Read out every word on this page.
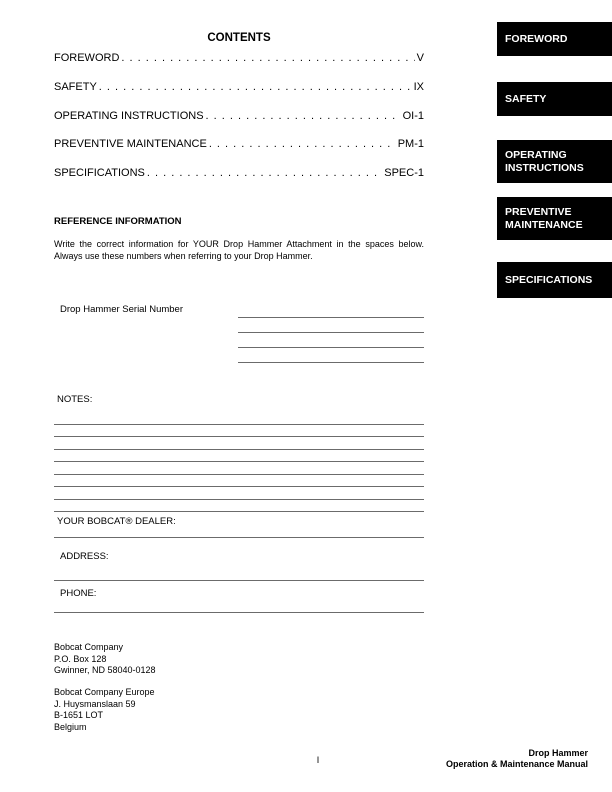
CONTENTS
FOREWORD . . .	V
SAFETY . . .	IX
OPERATING INSTRUCTIONS . . .	OI-1
PREVENTIVE MAINTENANCE . . .	PM-1
SPECIFICATIONS . . .	SPEC-1
FOREWORD
SAFETY
OPERATING INSTRUCTIONS
PREVENTIVE MAINTENANCE
SPECIFICATIONS
REFERENCE INFORMATION
Write the correct information for YOUR Drop Hammer Attachment in the spaces below. Always use these numbers when referring to your Drop Hammer.
Drop Hammer Serial Number
NOTES:
YOUR BOBCAT® DEALER:
ADDRESS:
PHONE:
Bobcat Company
P.O. Box 128
Gwinner, ND 58040-0128
Bobcat Company Europe
J. Huysmanslaan 59
B-1651 LOT
Belgium
I
Drop Hammer
Operation & Maintenance Manual
